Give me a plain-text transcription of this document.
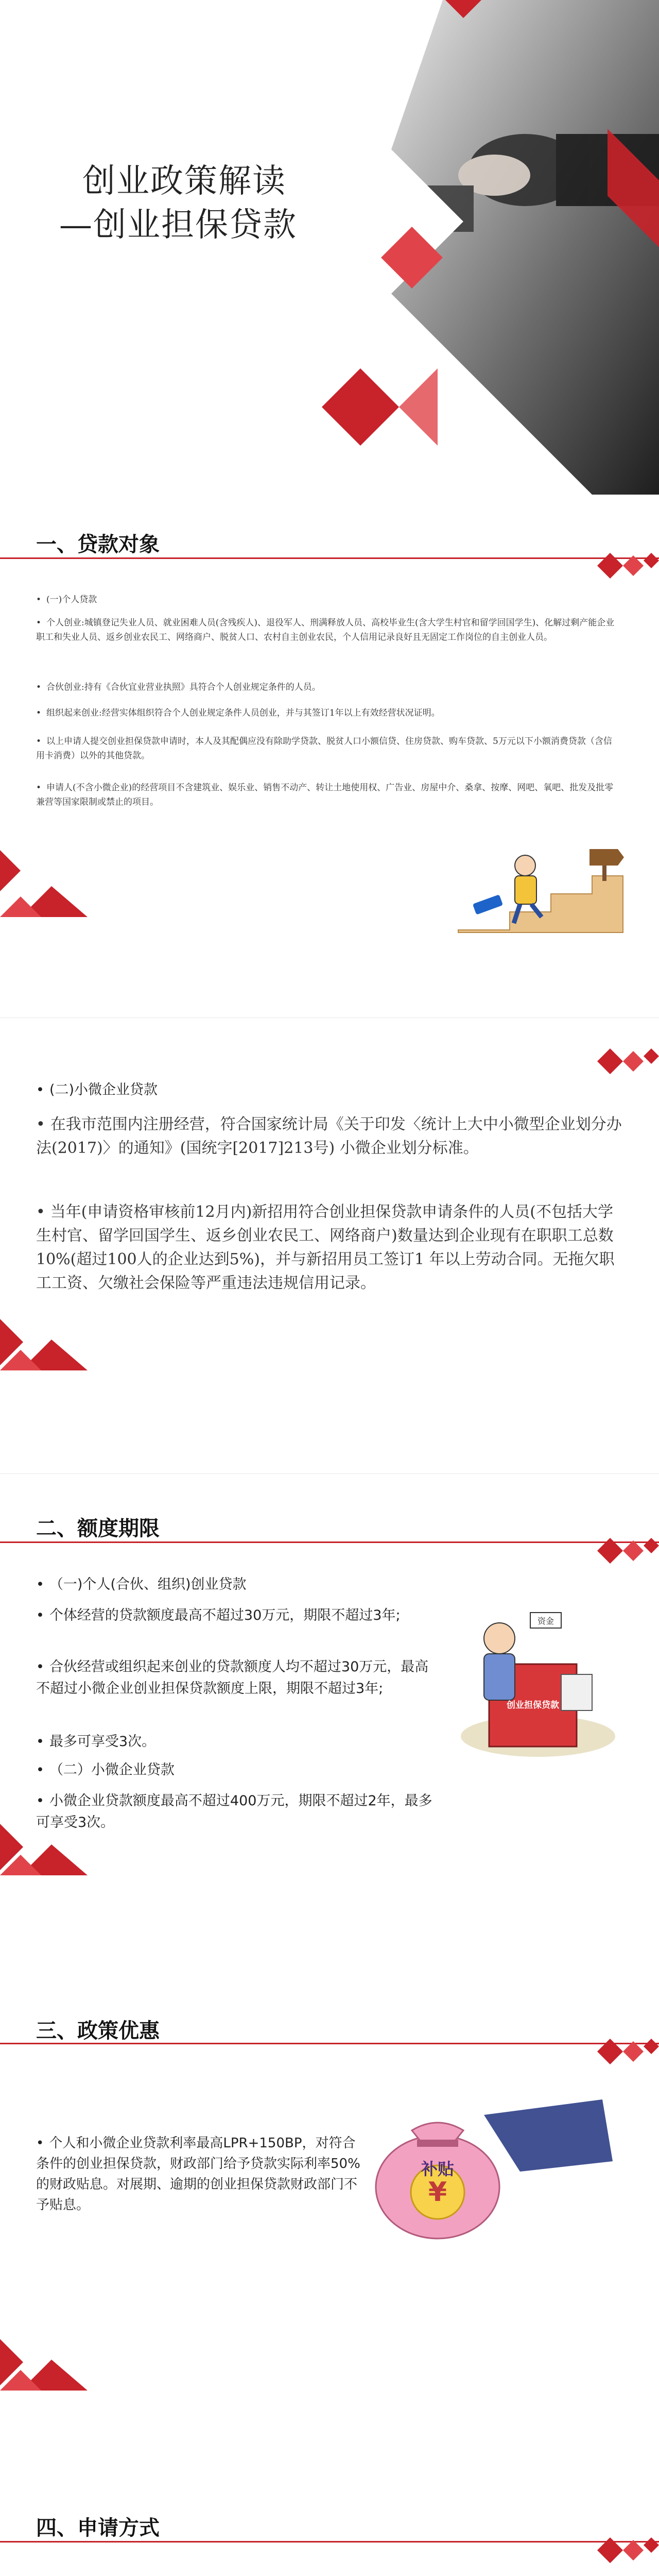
创业政策解读
—创业担保贷款
一、贷款对象
• (一)个人贷款
• 个人创业:城镇登记失业人员、就业困难人员(含残疾人)、退役军人、刑满释放人员、高校毕业生(含大学生村官和留学回国学生)、化解过剩产能企业职工和失业人员、返乡创业农民工、网络商户、脱贫人口、农村自主创业农民，个人信用记录良好且无固定工作岗位的自主创业人员。
• 合伙创业:持有《合伙宜业营业执照》具符合个人创业规定条件的人员。
• 组织起来创业:经营实体组织符合个人创业规定条件人员创业，并与其签订1年以上有效经营状况证明。
• 以上申请人提交创业担保贷款申请时，本人及其配偶应没有除助学贷款、脱贫人口小额信贷、住房贷款、购车贷款、5万元以下小额消费贷款（含信用卡消费）以外的其他贷款。
• 申请人(不含小微企业)的经营项目不含建筑业、娱乐业、销售不动产、转让土地使用权、广告业、房屋中介、桑拿、按摩、网吧、氧吧、批发及批零兼营等国家限制或禁止的项目。
• (二)小微企业贷款
• 在我市范围内注册经营，符合国家统计局《关于印发〈统计上大中小微型企业划分办法(2017)〉的通知》(国统字[2017]213号) 小微企业划分标准。
• 当年(申请资格审核前12月内)新招用符合创业担保贷款申请条件的人员(不包括大学生村官、留学回国学生、返乡创业农民工、网络商户)数量达到企业现有在职职工总数10%(超过100人的企业达到5%)，并与新招用员工签订1 年以上劳动合同。无拖欠职工工资、欠缴社会保险等严重违法违规信用记录。
二、额度期限
• （一)个人(合伙、组织)创业贷款
• 个体经营的贷款额度最高不超过30万元，期限不超过3年;
• 合伙经营或组织起来创业的贷款额度人均不超过30万元，最高不超过小微企业创业担保贷款额度上限，期限不超过3年;
• 最多可享受3次。
• （二）小微企业贷款
• 小微企业贷款额度最高不超过400万元，期限不超过2年，最多可享受3次。
资金
创业担保贷款
三、政策优惠
• 个人和小微企业贷款利率最高LPR+150BP，对符合条件的创业担保贷款，财政部门给予贷款实际利率50%的财政贴息。对展期、逾期的创业担保贷款财政部门不予贴息。
补贴
¥
四、申请方式
